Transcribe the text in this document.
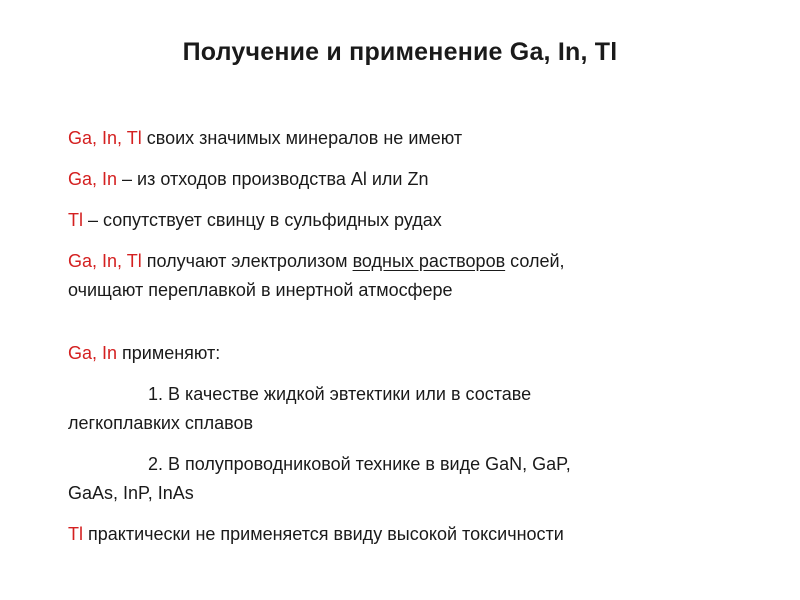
Получение и применение Ga, In, Tl
Ga, In, Tl своих значимых минералов не имеют
Ga, In – из отходов производства Al или Zn
Tl – сопутствует свинцу в сульфидных рудах
Ga, In, Tl получают электролизом водных растворов солей,
очищают переплавкой в инертной атмосфере
Ga, In применяют:
1. В качестве жидкой эвтектики или в составе
легкоплавких сплавов
2. В полупроводниковой технике в виде GaN, GaP,
GaAs, InP, InAs
Tl практически не применяется ввиду высокой токсичности
